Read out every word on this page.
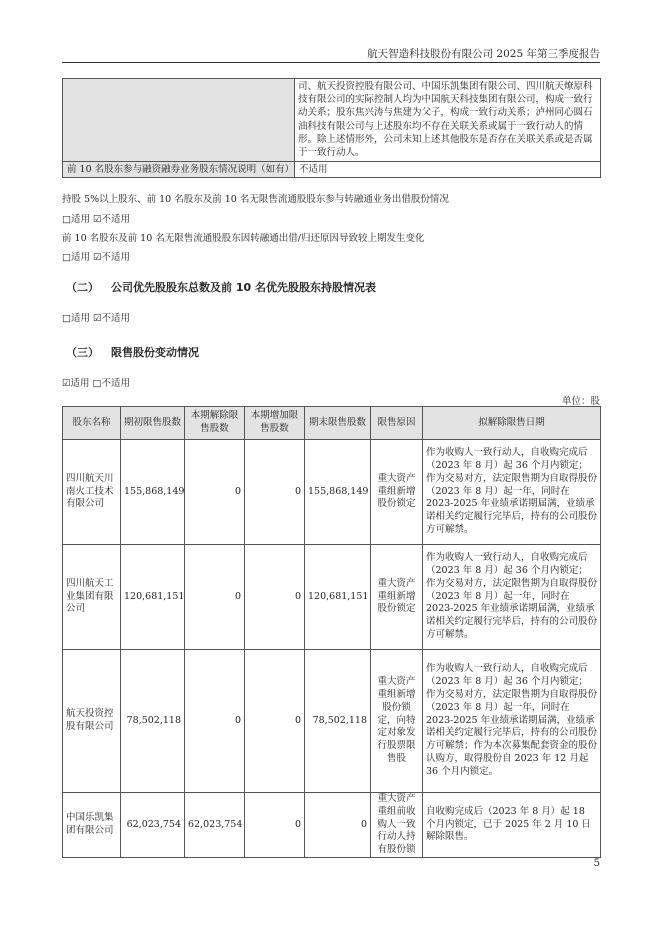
航天智造科技股份有限公司 2025 年第三季度报告
	司、航天投资控股有限公司、中国乐凯集团有限公司、四川航天燎原科技有限公司的实际控制人均为中国航天科技集团有限公司，构成一致行动关系；股东焦兴涛与焦建为父子，构成一致行动关系；泸州同心圆石油科技有限公司与上述股东均不存在关联关系或属于一致行动人的情形。除上述情形外，公司未知上述其他股东是否存在关联关系或是否属于一致行动人。
前 10 名股东参与融资融券业务股东情况说明（如有）	不适用
持股 5%以上股东、前 10 名股东及前 10 名无限售流通股股东参与转融通业务出借股份情况
□适用 ☑不适用
前 10 名股东及前 10 名无限售流通股股东因转融通出借/归还原因导致较上期发生变化
□适用 ☑不适用
（二） 公司优先股股东总数及前 10 名优先股股东持股情况表
□适用 ☑不适用
（三） 限售股份变动情况
☑适用 □不适用
单位：股
股东名称	期初限售股数	本期解除限售股数	本期增加限售股数	期末限售股数	限售原因	拟解除限售日期
四川航天川南火工技术有限公司	155,868,149	0	0	155,868,149	重大资产重组新增股份锁定	作为收购人一致行动人，自收购完成后（2023 年 8 月）起 36 个月内锁定；作为交易对方，法定限售期为自取得股份（2023 年 8 月）起一年，同时在 2023-2025 年业绩承诺期届满，业绩承诺相关约定履行完毕后，持有的公司股份方可解禁。
四川航天工业集团有限公司	120,681,151	0	0	120,681,151	重大资产重组新增股份锁定	作为收购人一致行动人，自收购完成后（2023 年 8 月）起 36 个月内锁定；作为交易对方，法定限售期为自取得股份（2023 年 8 月）起一年，同时在 2023-2025 年业绩承诺期届满，业绩承诺相关约定履行完毕后，持有的公司股份方可解禁。
航天投资控股有限公司	78,502,118	0	0	78,502,118	重大资产重组新增股份锁定，向特定对象发行股票限售股	作为收购人一致行动人，自收购完成后（2023 年 8 月）起 36 个月内锁定；作为交易对方，法定限售期为自取得股份（2023 年 8 月）起一年，同时在 2023-2025 年业绩承诺期届满，业绩承诺相关约定履行完毕后，持有的公司股份方可解禁；作为本次募集配套资金的股份认购方，取得股份自 2023 年 12 月起 36 个月内锁定。
中国乐凯集团有限公司	62,023,754	62,023,754	0	0	重大资产重组前收购人一致行动人持有股份锁	自收购完成后（2023 年 8 月）起 18 个月内锁定，已于 2025 年 2 月 10 日解除限售。
5
